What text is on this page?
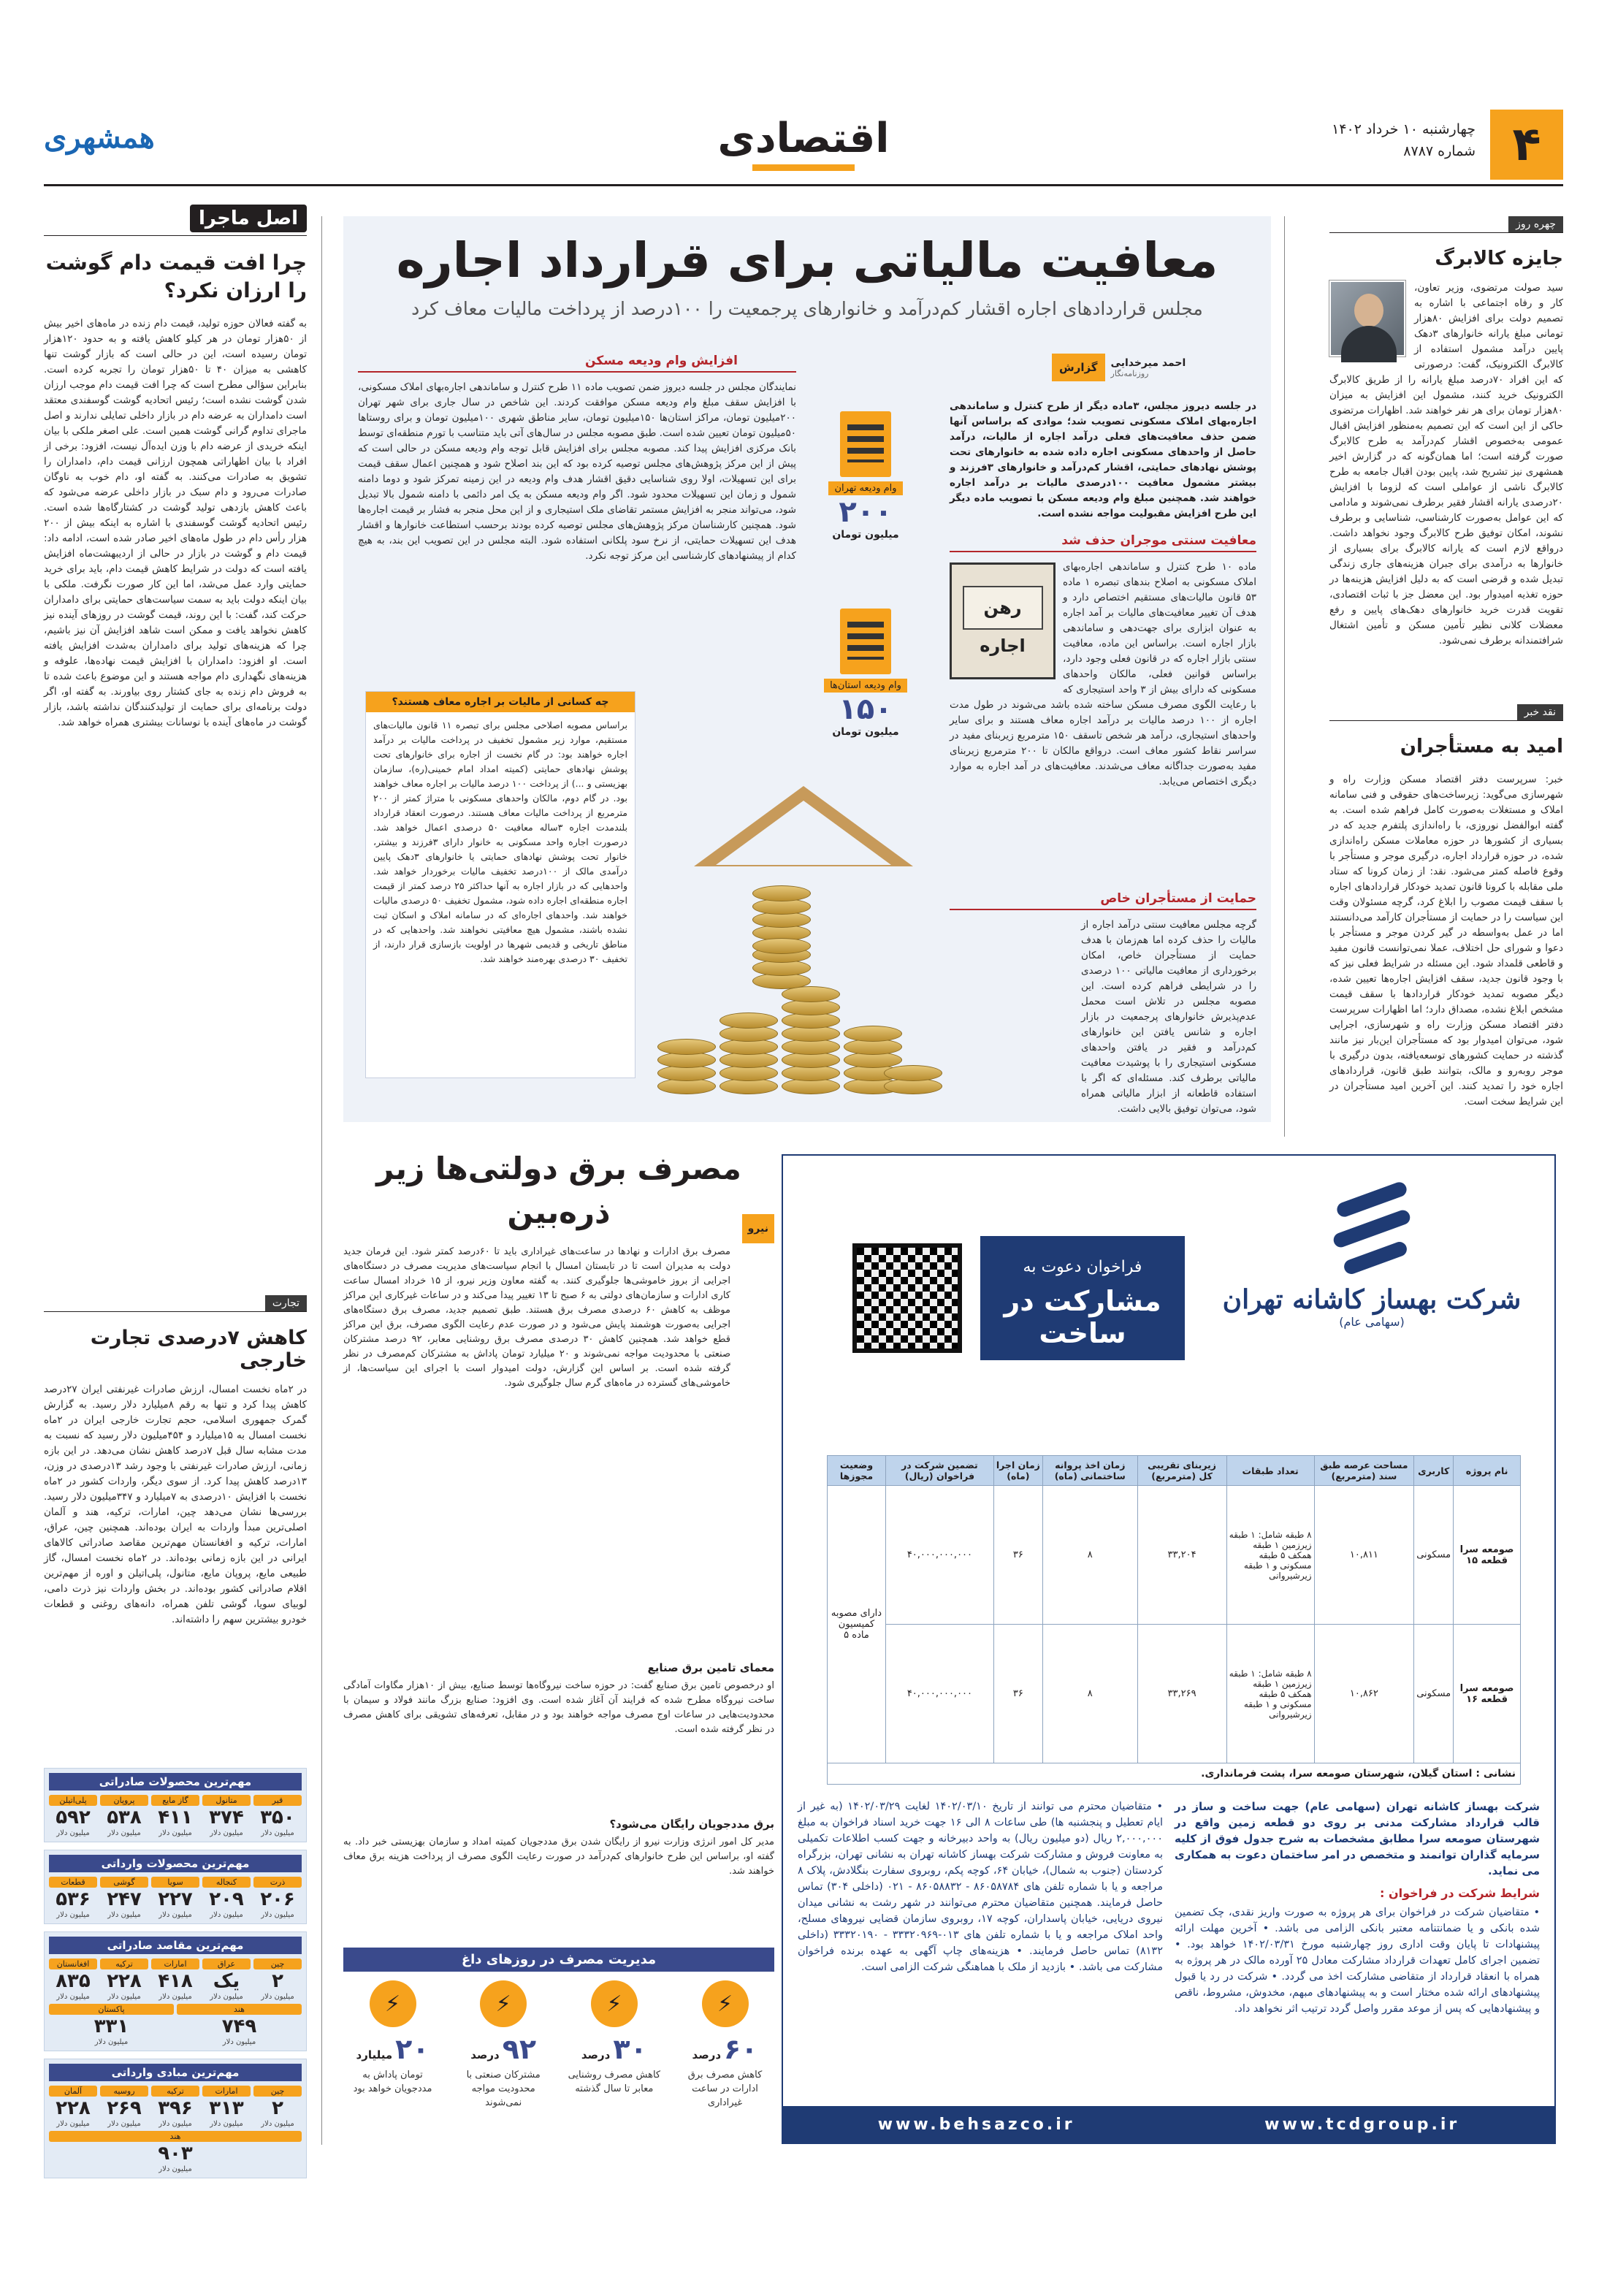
۴
چهارشنبه ۱۰ خرداد ۱۴۰۲
شماره ۸۷۸۷
اقتصادی
همشهری
چهره روز
جایزه کالابرگ
سید صولت مرتضوی، وزیر تعاون، کار و رفاه اجتماعی با اشاره به تصمیم دولت برای افزایش ۸۰هزار تومانی مبلغ یارانه خانوارهای ۳دهک پایین درآمد مشمول استفاده از کالابرگ الکترونیک، گفت: درصورتی که این افراد ۷۰درصد مبلغ یارانه را از طریق کالابرگ الکترونیک خرید کنند، مشمول این افزایش به میزان ۸۰هزار تومان برای هر نفر خواهند شد. اظهارات مرتضوی حاکی از این است که این تصمیم به‌منظور افزایش اقبال عمومی به‌خصوص اقشار کم‌درآمد به طرح کالابرگ صورت گرفته است؛ اما همان‌گونه که در گزارش اخیر همشهری نیز تشریح شد، پایین بودن اقبال جامعه به طرح کالابرگ ناشی از عواملی است که لزوما با افزایش ۲۰درصدی یارانه اقشار فقیر برطرف نمی‌شوند و مادامی که این عوامل به‌صورت کارشناسی، شناسایی و برطرف نشوند، امکان توفیق طرح کالابرگ وجود نخواهد داشت. درواقع لازم است که یارانه کالابرگ برای بسیاری از خانوارها به درآمدی برای جبران هزینه‌های جاری زندگی تبدیل شده و قرضی است که به دلیل افزایش هزینه‌ها در حوزه تغذیه امیدوار بود. این معضل جز با ثبات اقتصادی، تقویت قدرت خرید خانوارهای دهک‌های پایین و رفع معضلات کلانی نظیر تأمین مسکن و تأمین اشتغال شرافتمندانه برطرف نمی‌شود.
نقد خبر
امید به مستأجران
خبر: سرپرست دفتر اقتصاد مسکن وزارت راه و شهرسازی می‌گوید: زیرساخت‌های حقوقی و فنی سامانه املاک و مستغلات به‌صورت کامل فراهم شده است. به گفته ابوالفضل نوروزی، با راه‌اندازی پلتفرم جدید که در بسیاری از کشورها در حوزه معاملات مسکن راه‌اندازی شده، در حوزه قرارداد اجاره، درگیری موجر و مستأجر با وقوع فاصله کمتر می‌شود. نقد: از زمان کرونا که ستاد ملی مقابله با کرونا قانون تمدید خودکار قراردادهای اجاره با سقف قیمت مصوب را ابلاغ کرد، گرچه مسئولان وقت این سیاست را در حمایت از مستأجران کارآمد می‌دانستند اما در عمل به‌واسطه در گیر کردن موجر و مستأجر با دعوا و شورای حل اختلاف، عملا نمی‌توانست قانون مفید و قاطعی قلمداد شود. این مسئله در شرایط فعلی نیز که با وجود قانون جدید، سقف افزایش اجاره‌ها تعیین شده، دیگر مصوبه تمدید خودکار قراردادها با سقف قیمت مشخص ابلاغ نشده، مصداق دارد؛ اما اظهارات سرپرست دفتر اقتصاد مسکن وزارت راه و شهرسازی، اجرایی شود، می‌توان امیدوار بود که مستأجران این‌بار نیز مانند گذشته در حمایت کشورهای توسعه‌یافته، بدون درگیری با موجر روبه‌رو و مالک، بتوانند طبق قانون، قراردادهای اجاره خود را تمدید کنند. این آخرین امید مستأجران در این شرایط سخت است.
معافیت مالیاتی برای قرارداد اجاره
مجلس قراردادهای اجاره اقشار کم‌درآمد و خانوارهای پرجمعیت را ۱۰۰درصد از پرداخت مالیات معاف کرد
احمد میرخدایی
روزنامه‌نگار
گزارش
در جلسه دیروز مجلس، ۳ماده دیگر از طرح کنترل و ساماندهی اجاره‌بهای املاک مسکونی تصویب شد؛ موادی که براساس آنها ضمن حذف معافیت‌های فعلی درآمد اجاره از مالیات، درآمد حاصل از واحدهای مسکونی اجاره داده شده به خانوارهای تحت پوشش نهادهای حمایتی، اقشار کم‌درآمد و خانوارهای ۳فرزند و بیشتر مشمول معافیت ۱۰۰درصدی مالیات بر درآمد اجاره خواهند شد. همچنین مبلغ وام ودیعه مسکن با تصویب ماده دیگر این طرح افزایش مقبولیت مواجه نشده است.
معافیت سنتی موجران حذف شد
رهن
اجاره
ماده ۱۰ طرح کنترل و ساماندهی اجاره‌بهای املاک مسکونی به اصلاح بندهای تبصره ۱ ماده ۵۳ قانون مالیات‌های مستقیم اختصاص دارد و هدف آن تغییر معافیت‌های مالیات بر آمد اجاره به عنوان ابزاری برای جهت‌دهی و ساماندهی بازار اجاره است. براساس این ماده، معافیت سنتی بازار اجاره که در قانون فعلی وجود دارد، براساس قوانین فعلی، مالکان واحدهای مسکونی که دارای بیش از ۳ واحد استیجاری که با رعایت الگوی مصرف مسکن ساخته شده باشد می‌شوند در طول مدت اجاره از ۱۰۰ درصد مالیات بر درآمد اجاره معاف هستند و برای سایر واحدهای استیجاری، درآمد هر شخص تاسقف ۱۵۰ مترمربع زیربنای مفید در سراسر نقاط کشور معاف است. درواقع مالکان تا ۲۰۰ مترمربع زیربنای مفید به‌صورت جداگانه معاف می‌شدند. معافیت‌های در آمد اجاره به موارد دیگری اختصاص می‌یابد.
حمایت از مستأجران خاص
گرچه مجلس معافیت سنتی درآمد اجاره از مالیات را حذف کرده اما هم‌زمان با هدف حمایت از مستأجران خاص، امکان برخورداری از معافیت مالیاتی ۱۰۰ درصدی را در شرایطی فراهم کرده است. این مصوبه مجلس در تلاش است محمل عدم‌پذیرش خانوارهای پرجمعیت در بازار اجاره و شانس یافتن این خانوارهای کم‌درآمد و فقیر در یافتن واحدهای مسکونی استیجاری را با پوشیدت معافیت مالیاتی برطرف کند. مسئله‌ای که اگر با استفاده قاطعانه از ابزار مالیاتی همراه شود، می‌توان توفیق بالایی داشت.
وام ودیعه تهران
۲۰۰
میلیون تومان
وام ودیعه استان‌ها
۱۵۰
میلیون تومان
افزایش وام ودیعه مسکن
نمایندگان مجلس در جلسه دیروز ضمن تصویب ماده ۱۱ طرح کنترل و ساماندهی اجاره‌بهای املاک مسکونی، با افزایش سقف مبلغ وام ودیعه مسکن موافقت کردند. این شاخص در سال جاری برای شهر تهران ۲۰۰میلیون تومان، مراکز استان‌ها ۱۵۰میلیون تومان، سایر مناطق شهری ۱۰۰میلیون تومان و برای روستاها ۵۰میلیون تومان تعیین شده است. طبق مصوبه مجلس در سال‌های آتی باید متناسب با تورم منطقه‌ای توسط بانک مرکزی افزایش پیدا کند. مصوبه مجلس برای افزایش قابل توجه وام ودیعه مسکن در حالی است که پیش از این مرکز پژوهش‌های مجلس توصیه کرده بود که این بند اصلاح شود و همچنین اعمال سقف قیمت برای این تسهیلات، اولا روی شناسایی دقیق اقشار هدف وام ودیعه در این زمینه تمرکز شود و دوما دامنه شمول و زمان این تسهیلات محدود شود. اگر وام ودیعه مسکن به یک امر دائمی با دامنه شمول بالا تبدیل شود، می‌تواند منجر به افزایش مستمر تقاضای ملک استیجاری و از این محل منجر به فشار بر قیمت اجاره‌ها شود. همچنین کارشناسان مرکز پژوهش‌های مجلس توصیه کرده بودند برحسب استطاعت خانوارها و اقشار هدف این تسهیلات حمایتی، از نرخ سود پلکانی استفاده شود. البته مجلس در این تصویب این بند، به هیچ کدام از پیشنهادهای کارشناسی این مرکز توجه نکرد.
چه کسانی از مالیات بر اجاره معاف هستند؟
براساس مصوبه اصلاحی مجلس برای تبصره ۱۱ قانون مالیات‌های مستقیم، موارد زیر مشمول تخفیف در پرداخت مالیات بر درآمد اجاره خواهند بود: در گام نخست از اجاره برای خانوارهای تحت پوشش نهادهای حمایتی (کمیته امداد امام خمینی(ره)، سازمان بهزیستی و ...) از پرداخت ۱۰۰ درصد مالیات بر اجاره معاف خواهند بود. در گام دوم، مالکان واحدهای مسکونی با متراژ کمتر از ۲۰۰ مترمربع از پرداخت مالیات معاف هستند. درصورت انعقاد قرارداد بلندمدت اجاره ۳ساله معافیت ۵۰ درصدی اعمال خواهد شد. درصورت اجاره واحد مسکونی به خانوار دارای ۳فرزند و بیشتر، خانوار تحت پوشش نهادهای حمایتی یا خانوارهای ۳دهک پایین درآمدی مالک از ۱۰۰درصد تخفیف مالیات برخوردار خواهد شد. واحدهایی که در بازار اجاره به آنها حداکثر ۲۵ درصد کمتر از قیمت اجاره منطقه‌ای اجاره داده شود، مشمول تخفیف ۵۰ درصدی مالیات خواهند شد. واحدهای اجاره‌ای که در سامانه املاک و اسکان ثبت نشده باشند، مشمول هیچ معافیتی نخواهند شد. واحدهایی که در مناطق تاریخی و قدیمی شهرها در اولویت بازسازی قرار دارند، از تخفیف ۳۰ درصدی بهره‌مند خواهند شد.
اصل ماجرا
چرا افت قیمت دام گوشت را ارزان نکرد؟
به گفته فعالان حوزه تولید، قیمت دام زنده در ماه‌های اخیر بیش از ۵۰هزار تومان در هر کیلو کاهش یافته و به حدود ۱۲۰هزار تومان رسیده است، این در حالی است که بازار گوشت تنها کاهشی به میزان ۴۰ تا ۵۰هزار تومان را تجربه کرده است. بنابراین سؤالی مطرح است که چرا افت قیمت دام موجب ارزان شدن گوشت نشده است؛ رئیس اتحادیه گوشت گوسفندی معتقد است دامداران به عرضه دام در بازار داخلی تمایلی ندارند و اصل ماجرای تداوم گرانی گوشت همین است. علی اصغر ملکی با بیان اینکه خریدی از عرضه دام با وزن ایده‌آل نیست، افزود: برخی از افراد با بیان اظهاراتی همچون ارزانی قیمت دام، دامداران را تشویق به صادرات می‌کنند. به گفته او، دام خوب به ناوگان صادرات می‌رود و دام سبک در بازار داخلی عرضه می‌شود که باعث کاهش بازدهی تولید گوشت در کشتارگاه‌ها شده است. رئیس اتحادیه گوشت گوسفندی با اشاره به اینکه بیش از ۲۰۰ هزار رأس دام در طول ماه‌های اخیر صادر شده است، ادامه داد: قیمت دام و گوشت در بازار در حالی از اردیبهشت‌ماه افزایش یافته است که دولت در شرایط کاهش قیمت دام، باید برای خرید حمایتی وارد عمل می‌شد، اما این کار صورت نگرفت. ملکی با بیان اینکه دولت باید به سمت سیاست‌های حمایتی برای دامداران حرکت کند، گفت: با این روند، قیمت گوشت در روزهای آینده نیز کاهش نخواهد یافت و ممکن است شاهد افزایش آن نیز باشیم، چرا که هزینه‌های تولید برای دامداران به‌شدت افزایش یافته است. او افزود: دامداران با افزایش قیمت نهاده‌ها، علوفه و هزینه‌های نگهداری دام مواجه هستند و این موضوع باعث شده تا به فروش دام زنده به جای کشتار روی بیاورند. به گفته او، اگر دولت برنامه‌ای برای حمایت از تولیدکنندگان نداشته باشد، بازار گوشت در ماه‌های آینده با نوسانات بیشتری همراه خواهد شد.
تجارت
کاهش ۷درصدی تجارت خارجی
در ۲ماه نخست امسال، ارزش صادرات غیرنفتی ایران ۲۷درصد کاهش پیدا کرد و تنها به رقم ۸میلیارد دلار رسید. به گزارش گمرک جمهوری اسلامی، حجم تجارت خارجی ایران در ۲ماه نخست امسال به ۱۵میلیارد و ۴۵۴میلیون دلار رسید که نسبت به مدت مشابه سال قبل ۷درصد کاهش نشان می‌دهد. در این بازه زمانی، ارزش صادرات غیرنفتی با وجود رشد ۱۳درصدی در وزن، ۱۳درصد کاهش پیدا کرد. از سوی دیگر، واردات کشور در ۲ماه نخست با افزایش ۱۰درصدی به ۷میلیارد و ۳۴۷میلیون دلار رسید. بررسی‌ها نشان می‌دهد چین، امارات، ترکیه، هند و آلمان اصلی‌ترین مبدأ واردات به ایران بوده‌اند. همچنین چین، عراق، امارات، ترکیه و افغانستان مهم‌ترین مقاصد صادراتی کالاهای ایرانی در این بازه زمانی بوده‌اند. در ۲ماه نخست امسال، گاز طبیعی مایع، پروپان مایع، متانول، پلی‌اتیلن و اوره از مهم‌ترین اقلام صادراتی کشور بوده‌اند. در بخش واردات نیز ذرت دامی، لوبیای سویا، گوشی تلفن همراه، دانه‌های روغنی و قطعات خودرو بیشترین سهم را داشته‌اند.
مهم‌ترین محصولات صادراتی
قیر
۳۵۰
میلیون دلار
متانول
۳۷۴
میلیون دلار
گاز مایع
۴۱۱
میلیون دلار
پروپان
۵۳۸
میلیون دلار
پلی‌اتیلن
۵۹۲
میلیون دلار
مهم‌ترین محصولات وارداتی
ذرت
۲۰۶
میلیون دلار
کنجاله
۲۰۹
میلیون دلار
سویا
۲۲۷
میلیون دلار
گوشی
۲۴۷
میلیون دلار
قطعات
۵۳۶
میلیون دلار
مهم‌ترین مقاصد صادراتی
چین
۲
میلیون دلار
عراق
یک
میلیون دلار
امارات
۴۱۸
میلیون دلار
ترکیه
۲۲۸
میلیون دلار
افغانستان
۸۳۵
میلیون دلار
هند
۷۴۹
میلیون دلار
پاکستان
۳۳۱
میلیون دلار
مهم‌ترین مبادی وارداتی
چین
۲
میلیون دلار
امارات
۳۱۳
میلیون دلار
ترکیه
۳۹۶
میلیون دلار
روسیه
۲۶۹
میلیون دلار
آلمان
۲۲۸
میلیون دلار
هند
۹۰۳
میلیون دلار
مصرف برق دولتی‌ها زیر ذره‌بین	نیرو
مصرف برق ادارات و نهادها در ساعت‌های غیراداری باید تا ۶۰درصد کمتر شود. این فرمان جدید دولت به مدیران است تا در تابستان امسال با انجام سیاست‌های مدیریت مصرف در دستگاه‌های اجرایی از بروز خاموشی‌ها جلوگیری کنند. به گفته معاون وزیر نیرو، از ۱۵ خرداد امسال ساعت کاری ادارات و سازمان‌های دولتی به ۶ صبح تا ۱۳ تغییر پیدا می‌کند و در ساعات غیرکاری این مراکز موظف به کاهش ۶۰ درصدی مصرف برق هستند. طبق تصمیم جدید، مصرف برق دستگاه‌های اجرایی به‌صورت هوشمند پایش می‌شود و در صورت عدم رعایت الگوی مصرف، برق این مراکز قطع خواهد شد. همچنین کاهش ۳۰ درصدی مصرف برق روشنایی معابر، ۹۲ درصد مشترکان صنعتی با محدودیت مواجه نمی‌شوند و ۲۰ میلیارد تومان پاداش به مشترکان کم‌مصرف در نظر گرفته شده است. بر اساس این گزارش، دولت امیدوار است با اجرای این سیاست‌ها، از خاموشی‌های گسترده در ماه‌های گرم سال جلوگیری شود.
معمای تامین برق صنایع
او درخصوص تامین برق صنایع گفت: در حوزه ساخت نیروگاه‌ها توسط صنایع، بیش از ۱۰هزار مگاوات آمادگی ساخت نیروگاه مطرح شده که فرایند آن آغاز شده است. وی افزود: صنایع بزرگ مانند فولاد و سیمان با محدودیت‌هایی در ساعات اوج مصرف مواجه خواهند بود و در مقابل، تعرفه‌های تشویقی برای کاهش مصرف در نظر گرفته شده است.
برق مددجویان رایگان می‌شود؟
مدیر کل امور انرژی وزارت نیرو از رایگان شدن برق مددجویان کمیته امداد و سازمان بهزیستی خبر داد. به گفته او، براساس این طرح خانوارهای کم‌درآمد در صورت رعایت الگوی مصرف از پرداخت هزینه برق معاف خواهند شد.
مدیریت مصرف در روزهای داغ
⚡
۶۰درصد
کاهش مصرف برق ادارات در ساعت غیراداری
⚡
۳۰درصد
کاهش مصرف روشنایی معابر تا سال گذشته
⚡
۹۲درصد
مشترکان صنعتی با محدودیت مواجه نمی‌شوند
⚡
۲۰میلیارد
تومان پاداش به مددجویان خواهد بود
شرکت بهساز کاشانه تهران
(سهامی عام)
فراخوان دعوت به
مشارکت در ساخت
نام پروژه	کاربری	مساحت عرصه طبق سند (مترمربع)	تعداد طبقات	زیربنای تقریبی کل (مترمربع)	زمان اخذ پروانه ساختمانی (ماه)	زمان اجرا (ماه)	تضمین شرکت در فراخوان (ریال)	وضعیت مجوزها
صومعه سرا قطعه ۱۵	مسکونی	۱۰,۸۱۱	۸ طبقه شامل: ۱ طبقه زیرزمین ۱ طبقه همکف ۵ طبقه مسکونی و ۱ طبقه زیرشیروانی	۳۳,۲۰۴	۸	۳۶	۴۰,۰۰۰,۰۰۰,۰۰۰	دارای مصوبه کمیسیون ماده ۵
صومعه سرا قطعه ۱۶	مسکونی	۱۰,۸۶۲	۸ طبقه شامل: ۱ طبقه زیرزمین ۱ طبقه همکف ۵ طبقه مسکونی و ۱ طبقه زیرشیروانی	۳۳,۲۶۹	۸	۳۶	۴۰,۰۰۰,۰۰۰,۰۰۰	
نشانی : استان گیلان، شهرستان صومعه سرا، پشت فرمانداری.
شرکت بهساز کاشانه تهران (سهامی عام) جهت ساخت و ساز در قالب قرارداد مشارکت مدنی بر روی دو قطعه زمین واقع در شهرستان صومعه سرا مطابق مشخصات به شرح جدول فوق از کلیه سرمایه گذاران توانمند و متخصص در امر ساختمان دعوت به همکاری می نماید.
شرایط شرکت در فراخوان :
• متقاضیان شرکت در فراخوان برای هر پروژه به صورت واریز نقدی، چک تضمین شده بانکی و یا ضمانتنامه معتبر بانکی الزامی می باشد. • آخرین مهلت ارائه پیشنهادات تا پایان وقت اداری روز چهارشنبه مورخ ۱۴۰۲/۰۳/۳۱ خواهد بود. • تضمین اجرای کامل تعهدات قرارداد مشارکت معادل ۲۵ آورده مالک در هر پروژه به همراه با انعقاد قرارداد از متقاضی مشارکت اخذ می گردد. • شرکت در رد یا قبول پیشنهادهای ارائه شده مختار است و به پیشنهادهای مبهم، مخدوش، مشروط، ناقص و پیشنهادهایی که پس از موعد مقرر واصل گردد ترتیب اثر نخواهد داد.
• متقاضیان محترم می توانند از تاریخ ۱۴۰۲/۰۳/۱۰ لغایت ۱۴۰۲/۰۳/۲۹ (به غیر از ایام تعطیل و پنجشنبه ها) طی ساعات ۸ الی ۱۶ جهت خرید اسناد فراخوان به مبلغ ۲,۰۰۰,۰۰۰ ریال (دو میلیون ریال) به واحد دبیرخانه و جهت کسب اطلاعات تکمیلی به معاونت فروش و مشارکت شرکت بهساز کاشانه تهران به نشانی تهران، بزرگراه کردستان (جنوب به شمال)، خیابان ۶۴، کوچه پکم، روبروی سفارت بنگلادش، پلاک ۸ مراجعه و یا با شماره تلفن های ۸۶۰۵۸۷۸۴ - ۸۶۰۵۸۸۳۲ - ۰۲۱ (داخلی ۳۰۴) تماس حاصل فرمایند. همچنین متقاضیان محترم می‌توانند در شهر رشت به نشانی میدان نیروی دریایی، خیابان پاسداران، کوچه ۱۷، روبروی سازمان قضایی نیروهای مسلح، واحد املاک مراجعه و یا با شماره تلفن های ۰۱۳-۳۳۳۲۰۹۶۹ - ۳۳۳۲۰۱۹۰ (داخلی ۸۱۳۲) تماس حاصل فرمایند. • هزینه‌های چاپ آگهی به عهده برنده فراخوان مشارکت می باشد. • بازدید از ملک با هماهنگی شرکت الزامی است.
www.behsazco.ir	www.tcdgroup.ir
